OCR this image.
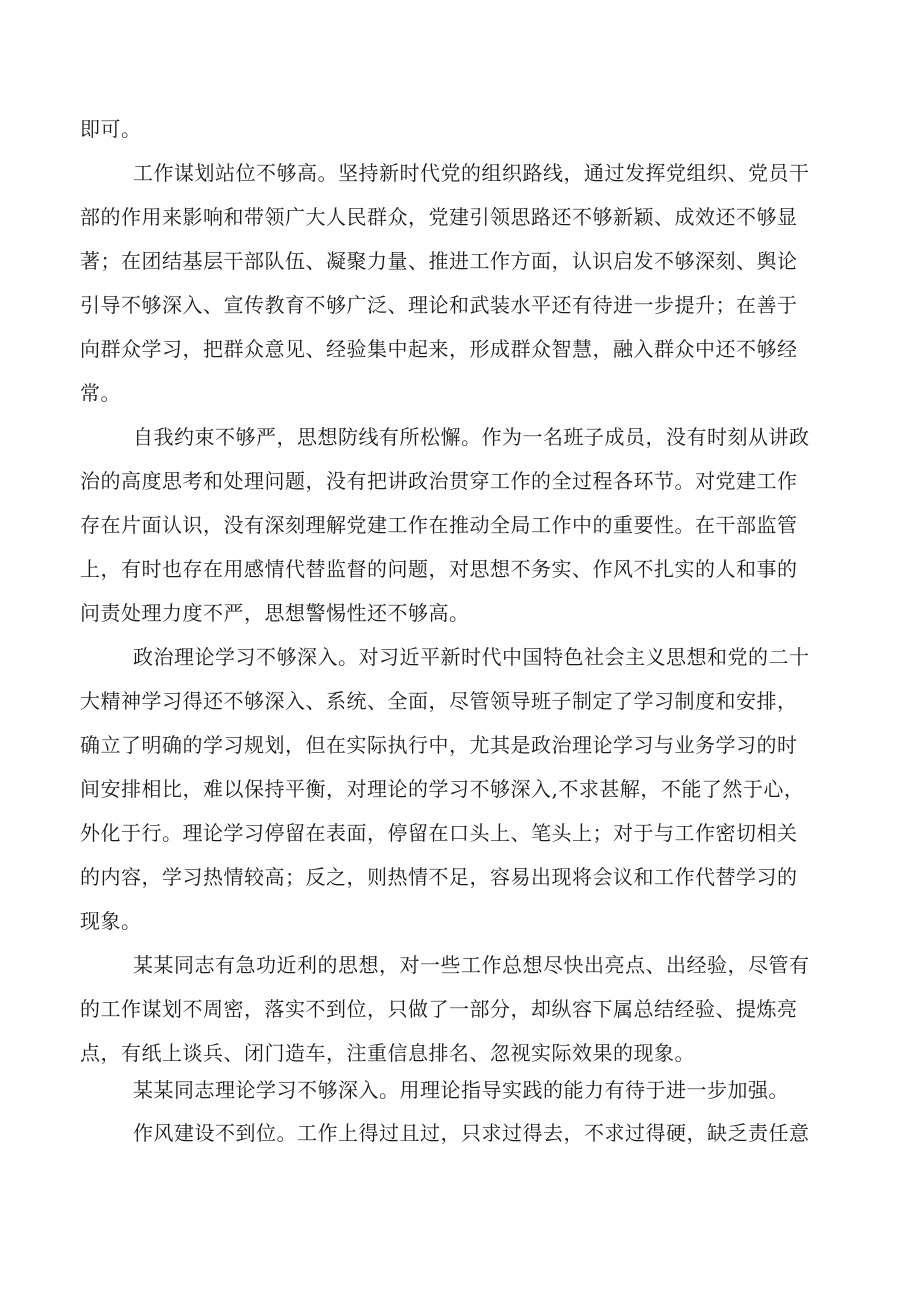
即可。

工作谋划站位不够高。坚持新时代党的组织路线，通过发挥党组织、党员干

部的作用来影响和带领广大人民群众，党建引领思路还不够新颖、成效还不够显

著；在团结基层干部队伍、凝聚力量、推进工作方面，认识启发不够深刻、舆论

引导不够深入、宣传教育不够广泛、理论和武装水平还有待进一步提升；在善于

向群众学习，把群众意见、经验集中起来，形成群众智慧，融入群众中还不够经

常。

自我约束不够严，思想防线有所松懈。作为一名班子成员，没有时刻从讲政

治的高度思考和处理问题，没有把讲政治贯穿工作的全过程各环节。对党建工作

存在片面认识，没有深刻理解党建工作在推动全局工作中的重要性。在干部监管

上，有时也存在用感情代替监督的问题，对思想不务实、作风不扎实的人和事的

问责处理力度不严，思想警惕性还不够高。

政治理论学习不够深入。对习近平新时代中国特色社会主义思想和党的二十

大精神学习得还不够深入、系统、全面，尽管领导班子制定了学习制度和安排，

确立了明确的学习规划，但在实际执行中，尤其是政治理论学习与业务学习的时

间安排相比，难以保持平衡，对理论的学习不够深入,不求甚解，不能了然于心，

外化于行。理论学习停留在表面，停留在口头上、笔头上；对于与工作密切相关

的内容，学习热情较高；反之，则热情不足，容易出现将会议和工作代替学习的

现象。

某某同志有急功近利的思想，对一些工作总想尽快出亮点、出经验，尽管有

的工作谋划不周密，落实不到位，只做了一部分，却纵容下属总结经验、提炼亮

点，有纸上谈兵、闭门造车，注重信息排名、忽视实际效果的现象。

某某同志理论学习不够深入。用理论指导实践的能力有待于进一步加强。

作风建设不到位。工作上得过且过，只求过得去，不求过得硬，缺乏责任意
